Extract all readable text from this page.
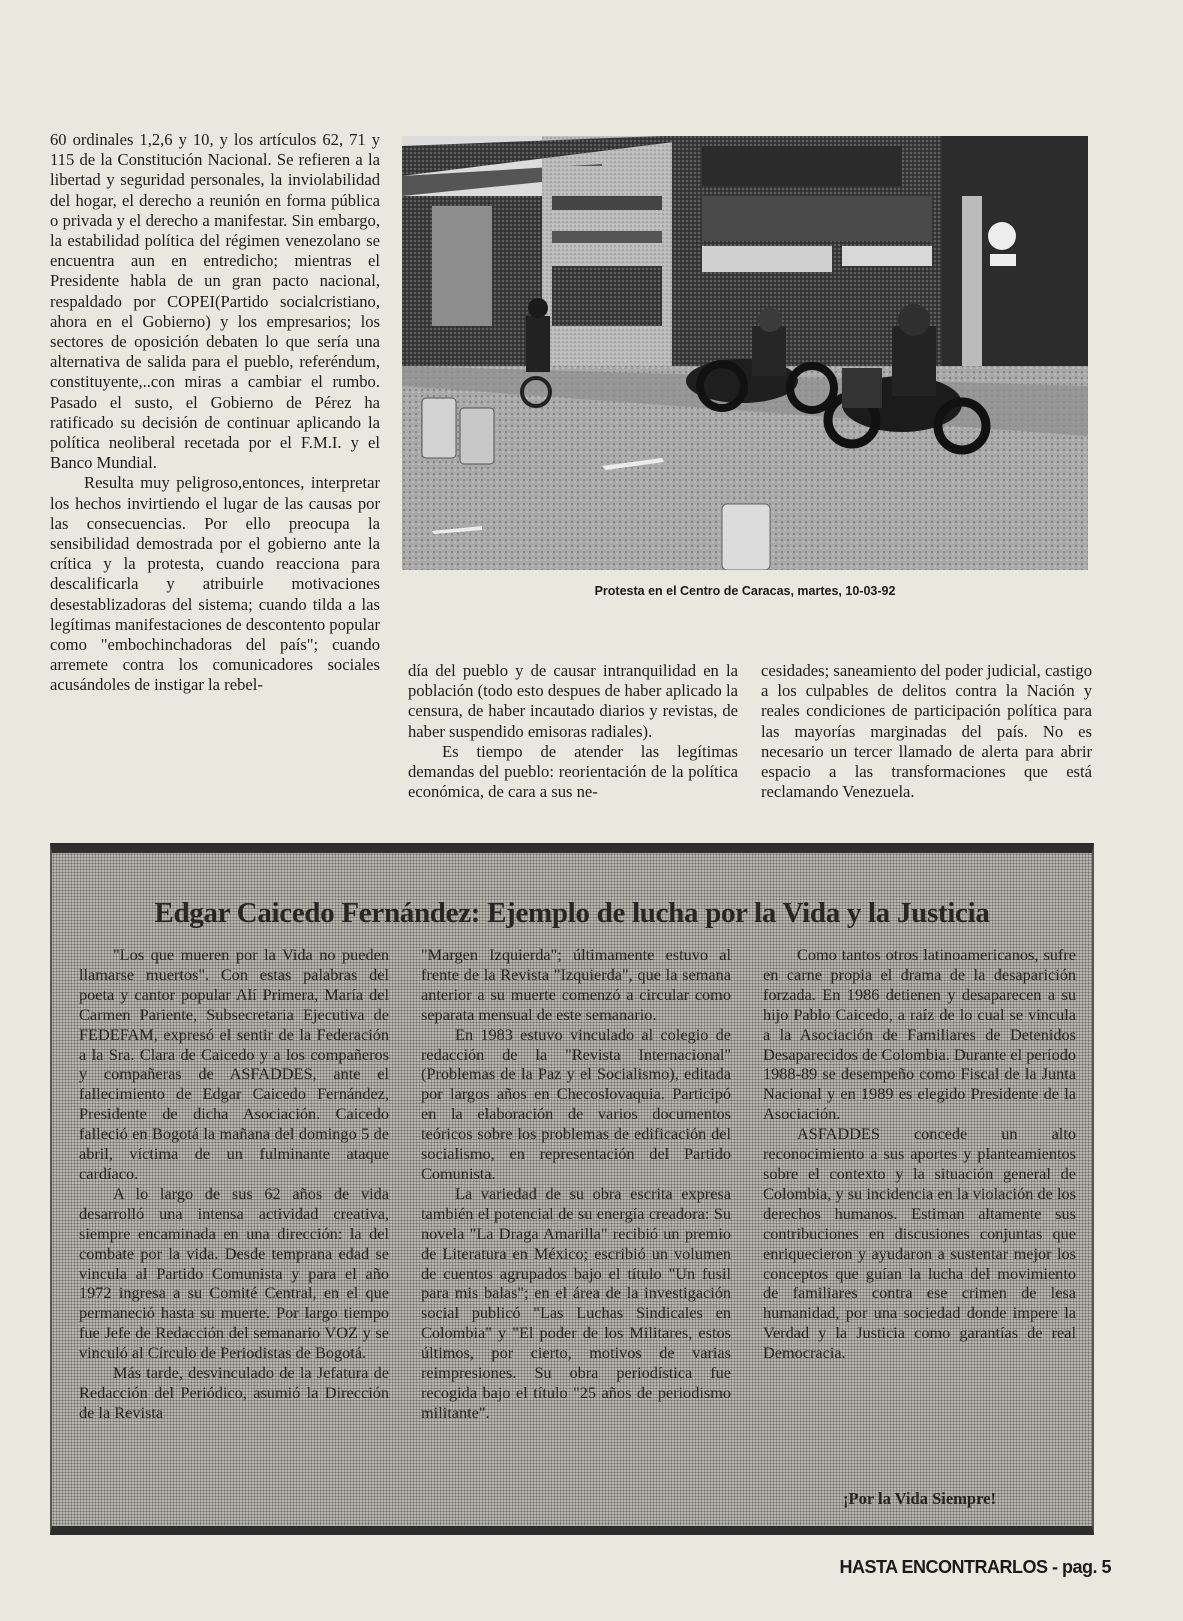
60 ordinales 1,2,6 y 10, y los artículos 62, 71 y 115 de la Constitución Nacional. Se refieren a la libertad y seguridad personales, la inviolabilidad del hogar, el derecho a reunión en forma pública o privada y el derecho a manifestar. Sin embargo, la estabilidad política del régimen venezolano se encuentra aun en entredicho; mientras el Presidente habla de un gran pacto nacional, respaldado por COPEI(Partido socialcristiano, ahora en el Gobierno) y los empresarios; los sectores de oposición debaten lo que sería una alternativa de salida para el pueblo, referéndum, constituyente,..con miras a cambiar el rumbo. Pasado el susto, el Gobierno de Pérez ha ratificado su decisión de continuar aplicando la política neoliberal recetada por el F.M.I. y el Banco Mundial.

Resulta muy peligroso,entonces, interpretar los hechos invirtiendo el lugar de las causas por las consecuencias. Por ello preocupa la sensibilidad demostrada por el gobierno ante la crítica y la protesta, cuando reacciona para descalificarla y atribuirle motivaciones desestablizadoras del sistema; cuando tilda a las legítimas manifestaciones de descontento popular como "embochinchadoras del país"; cuando arremete contra los comunicadores sociales acusándoles de instigar la rebel-

Protesta en el Centro de Caracas, martes, 10-03-92

día del pueblo y de causar intranquilidad en la población (todo esto despues de haber aplicado la censura, de haber incautado diarios y revistas, de haber suspendido emisoras radiales).

Es tiempo de atender las legítimas demandas del pueblo: reorientación de la política económica, de cara a sus ne-

cesidades; saneamiento del poder judicial, castigo a los culpables de delitos contra la Nación y reales condiciones de participación política para las mayorías marginadas del país. No es necesario un tercer llamado de alerta para abrir espacio a las transformaciones que está reclamando Venezuela.

Edgar Caicedo Fernández: Ejemplo de lucha por la Vida y la Justicia

"Los que mueren por la Vida no pueden llamarse muertos". Con estas palabras del poeta y cantor popular Alí Primera, María del Carmen Pariente, Subsecretaria Ejecutiva de FEDEFAM, expresó el sentir de la Federación a la Sra. Clara de Caicedo y a los compañeros y compañeras de ASFADDES, ante el fallecimiento de Edgar Caicedo Fernández, Presidente de dicha Asociación. Caicedo falleció en Bogotá la mañana del domingo 5 de abril, víctima de un fulminante ataque cardíaco.

A lo largo de sus 62 años de vida desarrolló una intensa actividad creativa, siempre encaminada en una dirección: la del combate por la vida. Desde temprana edad se vincula al Partido Comunista y para el año 1972 ingresa a su Comité Central, en el que permaneció hasta su muerte. Por largo tiempo fue Jefe de Redacción del semanario VOZ y se vinculó al Círculo de Periodistas de Bogotá.

Más tarde, desvinculado de la Jefatura de Redacción del Periódico, asumió la Dirección de la Revista

"Margen Izquierda"; últimamente estuvo al frente de la Revista "Izquierda", que la semana anterior a su muerte comenzó a circular como separata mensual de este semanario.

En 1983 estuvo vinculado al colegio de redacción de la "Revista Internacional" (Problemas de la Paz y el Socialismo), editada por largos años en Checoslovaquia. Participó en la elaboración de varios documentos teóricos sobre los problemas de edificación del socialismo, en representación del Partido Comunista.

La variedad de su obra escrita expresa también el potencial de su energía creadora: Su novela "La Draga Amarilla" recibió un premio de Literatura en México; escribió un volumen de cuentos agrupados bajo el título "Un fusil para mis balas"; en el área de la investigación social publicó "Las Luchas Sindicales en Colombia" y "El poder de los Militares, estos últimos, por cierto, motivos de varias reimpresiones. Su obra periodística fue recogida bajo el título "25 años de periodismo militante".

Como tantos otros latinoamericanos, sufre en carne propia el drama de la desaparición forzada. En 1986 detienen y desaparecen a su hijo Pablo Caicedo, a raíz de lo cual se vincula a la Asociación de Familiares de Detenidos Desaparecidos de Colombia. Durante el período 1988-89 se desempeño como Fiscal de la Junta Nacional y en 1989 es elegido Presidente de la Asociación.

ASFADDES concede un alto reconocimiento a sus aportes y planteamientos sobre el contexto y la situación general de Colombia, y su incidencia en la violación de los derechos humanos. Estiman altamente sus contribuciones en discusiones conjuntas que enriquecieron y ayudaron a sustentar mejor los conceptos que guían la lucha del movimiento de familiares contra ese crimen de lesa humanidad, por una sociedad donde impere la Verdad y la Justicia como garantías de real Democracia.

¡Por la Vida Siempre!
HASTA ENCONTRARLOS - pag. 5
